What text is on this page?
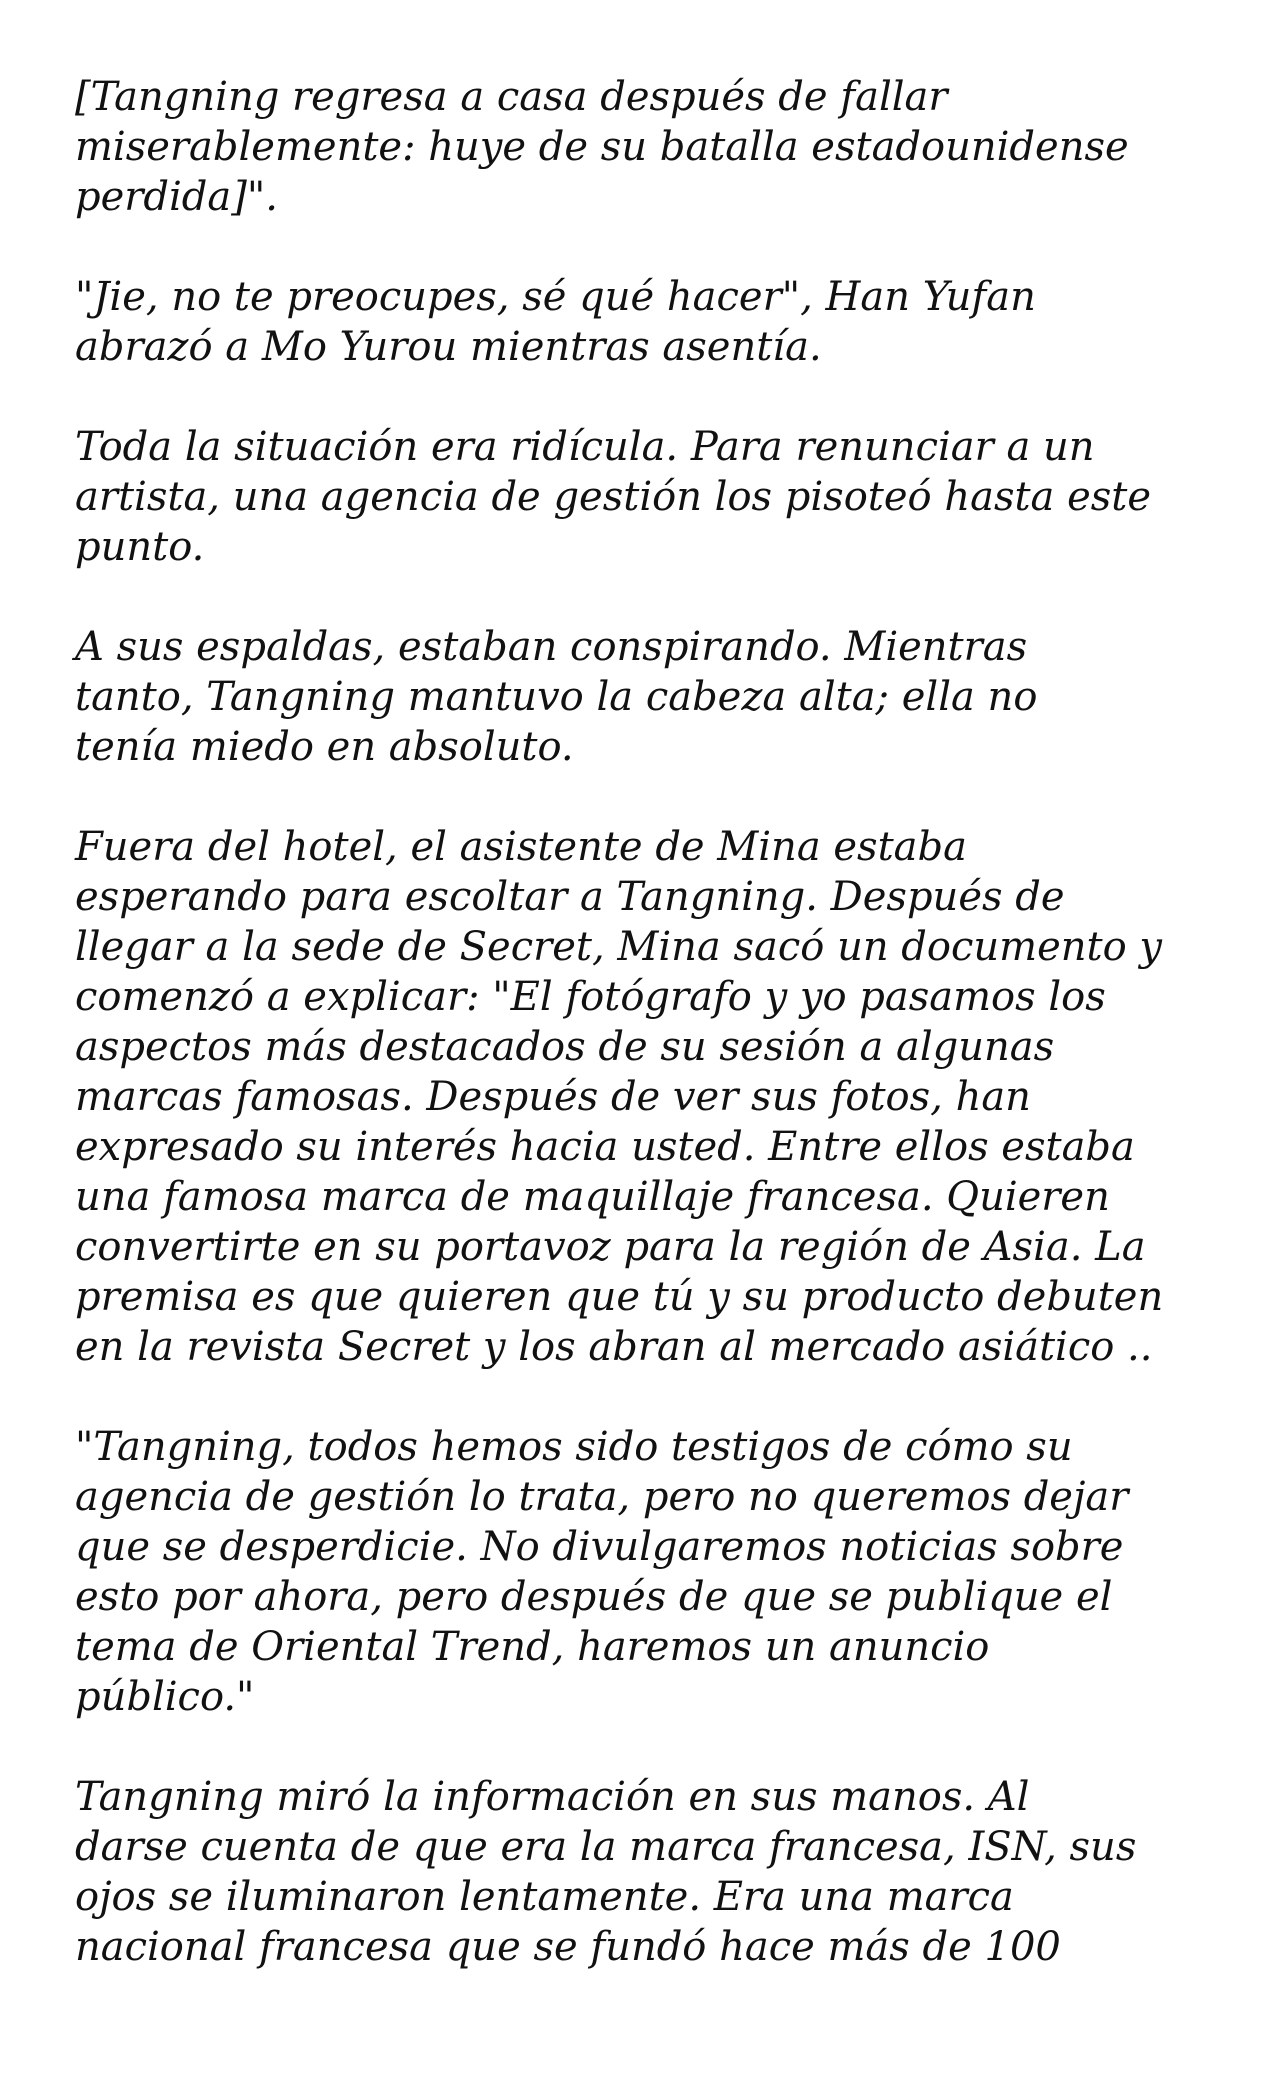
[Tangning regresa a casa después de fallar
miserablemente: huye de su batalla estadounidense
perdida]".

"Jie, no te preocupes, sé qué hacer", Han Yufan
abrazó a Mo Yurou mientras asentía.

Toda la situación era ridícula. Para renunciar a un
artista, una agencia de gestión los pisoteó hasta este
punto.

A sus espaldas, estaban conspirando. Mientras
tanto, Tangning mantuvo la cabeza alta; ella no
tenía miedo en absoluto.

Fuera del hotel, el asistente de Mina estaba
esperando para escoltar a Tangning. Después de
llegar a la sede de Secret, Mina sacó un documento y
comenzó a explicar: "El fotógrafo y yo pasamos los
aspectos más destacados de su sesión a algunas
marcas famosas. Después de ver sus fotos, han
expresado su interés hacia usted. Entre ellos estaba
una famosa marca de maquillaje francesa. Quieren
convertirte en su portavoz para la región de Asia. La
premisa es que quieren que tú y su producto debuten
en la revista Secret y los abran al mercado asiático ..

"Tangning, todos hemos sido testigos de cómo su
agencia de gestión lo trata, pero no queremos dejar
que se desperdicie. No divulgaremos noticias sobre
esto por ahora, pero después de que se publique el
tema de Oriental Trend, haremos un anuncio
público."

Tangning miró la información en sus manos. Al
darse cuenta de que era la marca francesa, ISN, sus
ojos se iluminaron lentamente. Era una marca
nacional francesa que se fundó hace más de 100
